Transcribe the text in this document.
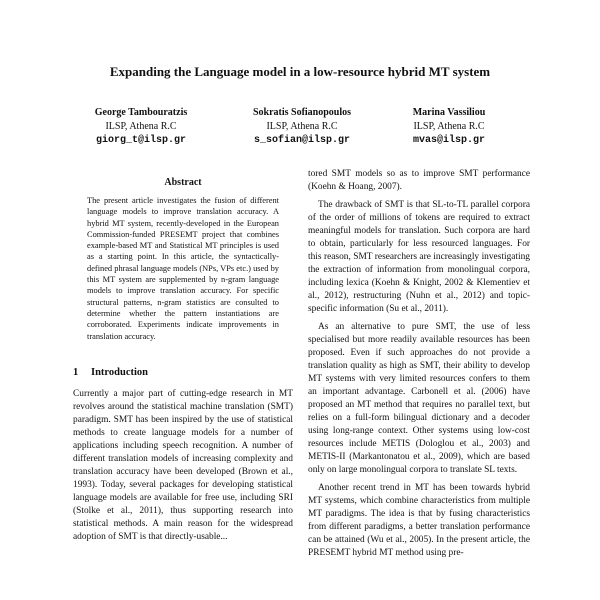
Expanding the Language model in a low-resource hybrid MT system
George Tambouratzis
ILSP, Athena R.C
giorg_t@ilsp.gr
Sokratis Sofianopoulos
ILSP, Athena R.C
s_sofian@ilsp.gr
Marina Vassiliou
ILSP, Athena R.C
mvas@ilsp.gr
Abstract

The present article investigates the fusion of different language models to improve translation accuracy. A hybrid MT system, recently-developed in the European Commission-funded PRESEMT project that combines example-based MT and Statistical MT principles is used as a starting point. In this article, the syntactically-defined phrasal language models (NPs, VPs etc.) used by this MT system are supplemented by n-gram language models to improve translation accuracy. For specific structural patterns, n-gram statistics are consulted to determine whether the pattern instantiations are corroborated. Experiments indicate improvements in translation accuracy.

1 Introduction

Currently a major part of cutting-edge research in MT revolves around the statistical machine translation (SMT) paradigm. SMT has been inspired by the use of statistical methods to create language models for a number of applications including speech recognition. A number of different translation models of increasing complexity and translation accuracy have been developed (Brown et al., 1993). Today, several packages for developing statistical language models are available for free use, including SRI (Stolke et al., 2011), thus supporting research into statistical methods. A main reason for the widespread adoption of SMT is that directly-usable...

tored SMT models so as to improve SMT performance (Koehn & Hoang, 2007).

The drawback of SMT is that SL-to-TL parallel corpora of the order of millions of tokens are required to extract meaningful models for translation. Such corpora are hard to obtain, particularly for less resourced languages. For this reason, SMT researchers are increasingly investigating the extraction of information from monolingual corpora, including lexica (Koehn & Knight, 2002 & Klementiev et al., 2012), restructuring (Nuhn et al., 2012) and topic-specific information (Su et al., 2011).

As an alternative to pure SMT, the use of less specialised but more readily available resources has been proposed. Even if such approaches do not provide a translation quality as high as SMT, their ability to develop MT systems with very limited resources confers to them an important advantage. Carbonell et al. (2006) have proposed an MT method that requires no parallel text, but relies on a full-form bilingual dictionary and a decoder using long-range context. Other systems using low-cost resources include METIS (Dologlou et al., 2003) and METIS-II (Markantonatou et al., 2009), which are based only on large monolingual corpora to translate SL texts.

Another recent trend in MT has been towards hybrid MT systems, which combine characteristics from multiple MT paradigms. The idea is that by fusing characteristics from different paradigms, a better translation performance can be attained (Wu et al., 2005). In the present article, the PRESEMT hybrid MT method using pre-
